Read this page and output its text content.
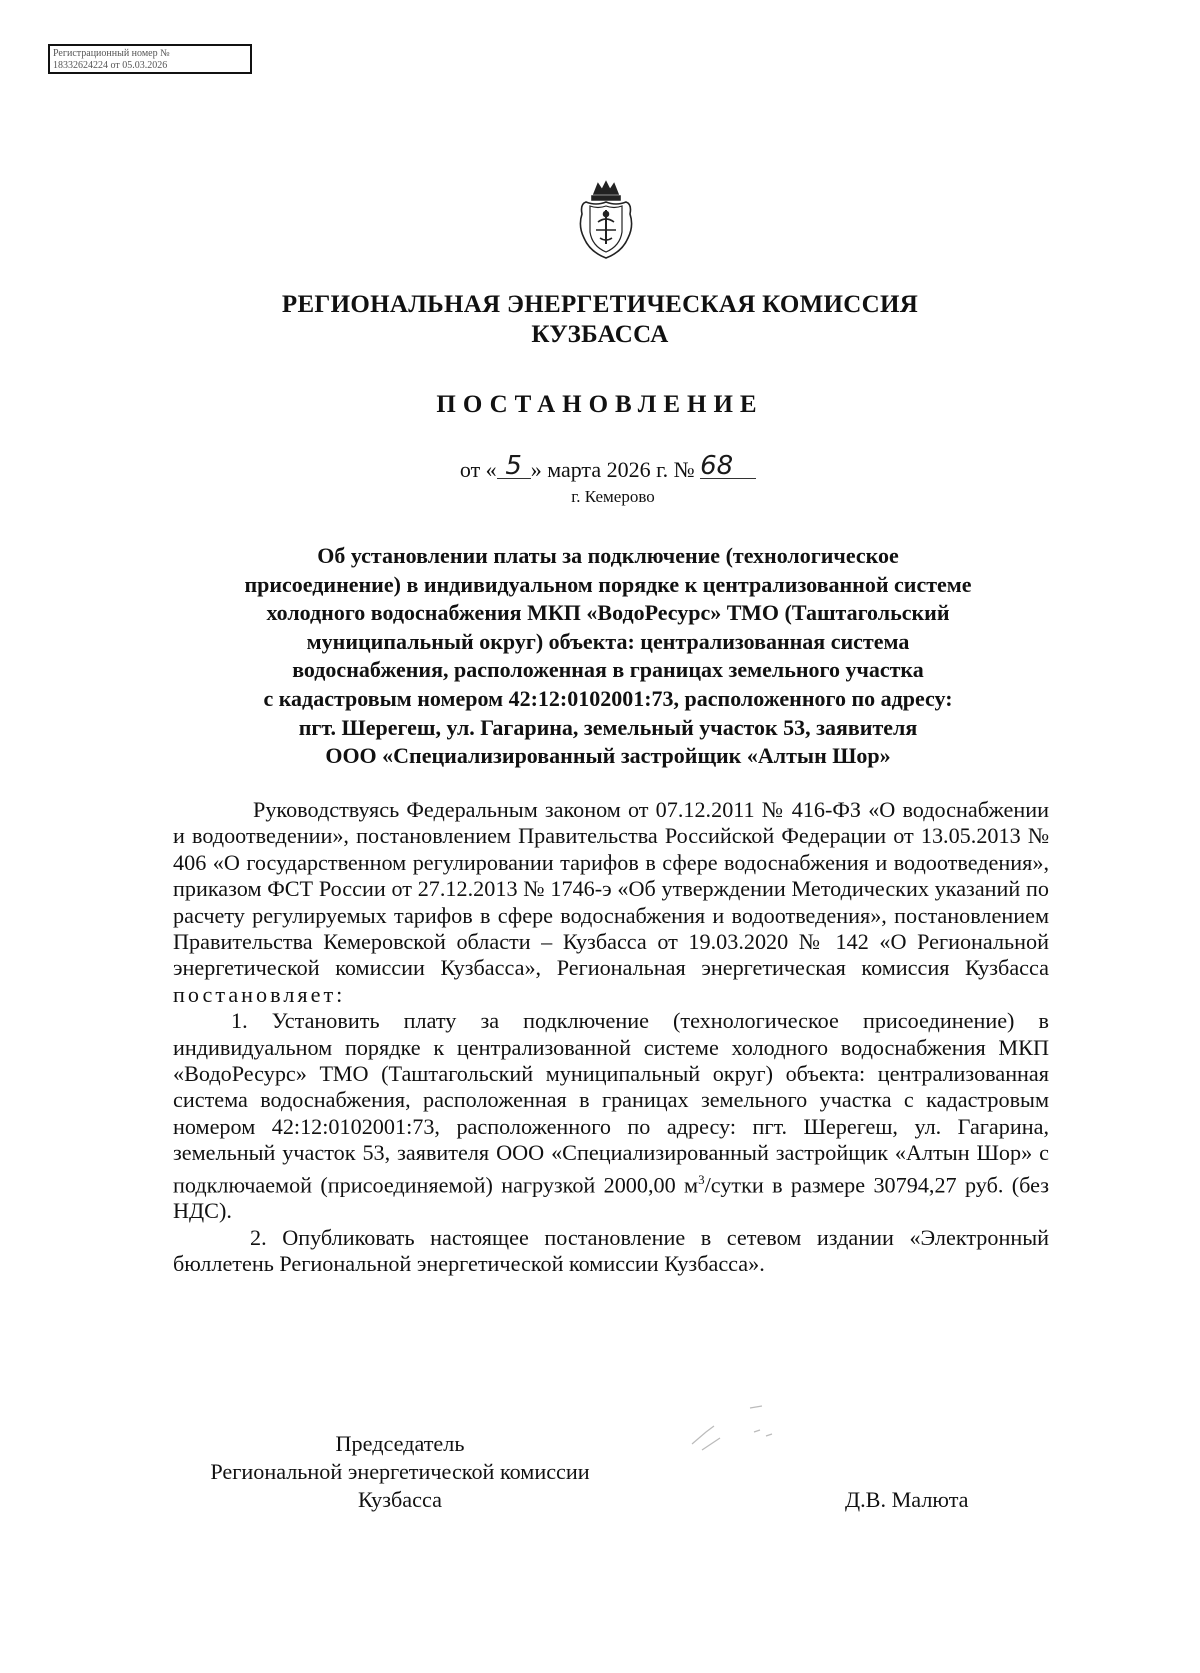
Регистрационный номер №
18332624224 от 05.03.2026
РЕГИОНАЛЬНАЯ ЭНЕРГЕТИЧЕСКАЯ КОМИССИЯ
КУЗБАССА
ПОСТАНОВЛЕНИЕ
от « 5 » марта 2026 г. № 68
г. Кемерово
Об установлении платы за подключение (технологическое
присоединение) в индивидуальном порядке к централизованной системе
холодного водоснабжения МКП «ВодоРесурс» ТМО (Таштагольский
муниципальный округ) объекта: централизованная система
водоснабжения, расположенная в границах земельного участка
с кадастровым номером 42:12:0102001:73, расположенного по адресу:
пгт. Шерегеш, ул. Гагарина, земельный участок 53, заявителя
ООО «Специализированный застройщик «Алтын Шор»

Руководствуясь Федеральным законом от 07.12.2011 № 416-ФЗ «О водоснабжении и водоотведении», постановлением Правительства Российской Федерации от 13.05.2013 № 406 «О государственном регулировании тарифов в сфере водоснабжения и водоотведения», приказом ФСТ России от 27.12.2013 № 1746-э «Об утверждении Методических указаний по расчету регулируемых тарифов в сфере водоснабжения и водоотведения», постановлением Правительства Кемеровской области – Кузбасса от 19.03.2020 № 142 «О Региональной энергетической комиссии Кузбасса», Региональная энергетическая комиссия Кузбасса постановляет:

1. Установить плату за подключение (технологическое присоединение) в индивидуальном порядке к централизованной системе холодного водоснабжения МКП «ВодоРесурс» ТМО (Таштагольский муниципальный округ) объекта: централизованная система водоснабжения, расположенная в границах земельного участка с кадастровым номером 42:12:0102001:73, расположенного по адресу: пгт. Шерегеш, ул. Гагарина, земельный участок 53, заявителя ООО «Специализированный застройщик «Алтын Шор» с подключаемой (присоединяемой) нагрузкой 2000,00 $м^3$/сутки в размере 30794,27 руб. (без НДС).

2. Опубликовать настоящее постановление в сетевом издании «Электронный бюллетень Региональной энергетической комиссии Кузбасса».

Председатель
Региональной энергетической комиссии
Кузбасса	Д.В. Малюта
